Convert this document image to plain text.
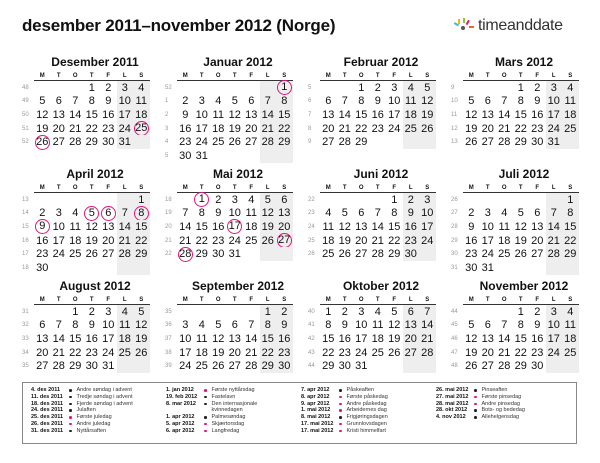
desember 2011–november 2012 (Norge)	timeanddate
Desember 2011
	M	T	O	T	F	L	S
48				1	2	3	4
49	5	6	7	8	9	10	11
50	12	13	14	15	16	17	18
51	19	20	21	22	23	24	25
52	26	27	28	29	30	31	
Januar 2012
	M	T	O	T	F	L	S
52							1
1	2	3	4	5	6	7	8
2	9	10	11	12	13	14	15
3	16	17	18	19	20	21	22
4	23	24	25	26	27	28	29
5	30	31					
Februar 2012
	M	T	O	T	F	L	S
5			1	2	3	4	5
6	6	7	8	9	10	11	12
7	13	14	15	16	17	18	19
8	20	21	22	23	24	25	26
9	27	28	29				
Mars 2012
	M	T	O	T	F	L	S
9				1	2	3	4
10	5	6	7	8	9	10	11
11	12	13	14	15	16	17	18
12	19	20	21	22	23	24	25
13	26	27	28	29	30	31	
April 2012
	M	T	O	T	F	L	S
13							1
14	2	3	4	5	6	7	8
15	9	10	11	12	13	14	15
16	16	17	18	19	20	21	22
17	23	24	25	26	27	28	29
18	30						
Mai 2012
	M	T	O	T	F	L	S
18		1	2	3	4	5	6
19	7	8	9	10	11	12	13
20	14	15	16	17	18	19	20
21	21	22	23	24	25	26	27
22	28	29	30	31			
Juni 2012
	M	T	O	T	F	L	S
22					1	2	3
23	4	5	6	7	8	9	10
24	11	12	13	14	15	16	17
25	18	19	20	21	22	23	24
26	25	26	27	28	29	30	
Juli 2012
	M	T	O	T	F	L	S
26							1
27	2	3	4	5	6	7	8
28	9	10	11	12	13	14	15
29	16	17	18	19	20	21	22
30	23	24	25	26	27	28	29
31	30	31					
August 2012
	M	T	O	T	F	L	S
31			1	2	3	4	5
32	6	7	8	9	10	11	12
33	13	14	15	16	17	18	19
34	20	21	22	23	24	25	26
35	27	28	29	30	31		
September 2012
	M	T	O	T	F	L	S
35						1	2
36	3	4	5	6	7	8	9
37	10	11	12	13	14	15	16
38	17	18	19	20	21	22	23
39	24	25	26	27	28	29	30
Oktober 2012
	M	T	O	T	F	L	S
40	1	2	3	4	5	6	7
41	8	9	10	11	12	13	14
42	15	16	17	18	19	20	21
43	22	23	24	25	26	27	28
44	29	30	31				
November 2012
	M	T	O	T	F	L	S
44				1	2	3	4
45	5	6	7	8	9	10	11
46	12	13	14	15	16	17	18
47	19	20	21	22	23	24	25
48	26	27	28	29	30		
4. des 2011	Andre søndag i advent
11. des 2011	Tredje søndag i advent
18. des 2011	Fjerde søndag i advent
24. des 2011	Julaften
25. des 2011	Første juledag
26. des 2011	Andre juledag
31. des 2011	Nyttårsaften
1. jan 2012	Første nyttårsdag
19. feb 2012	Fastelavn
8. mar 2012	Den internasjonale kvinnedagen
1. apr 2012	Palmesøndag
5. apr 2012	Skjærtorsdag
6. apr 2012	Langfredag
7. apr 2012	Påskeaften
8. apr 2012	Første påskedag
9. apr 2012	Andre påskedag
1. mai 2012	Arbeidernes dag
8. mai 2012	Frigjøringsdagen
17. mai 2012	Grunnlovsdagen
17. mai 2012	Kristi himmelfart
26. mai 2012	Pinseaften
27. mai 2012	Første pinsedag
28. mai 2012	Andre pinsedag
28. okt 2012	Bots- og bededag
4. nov 2012	Allehelgensdag
